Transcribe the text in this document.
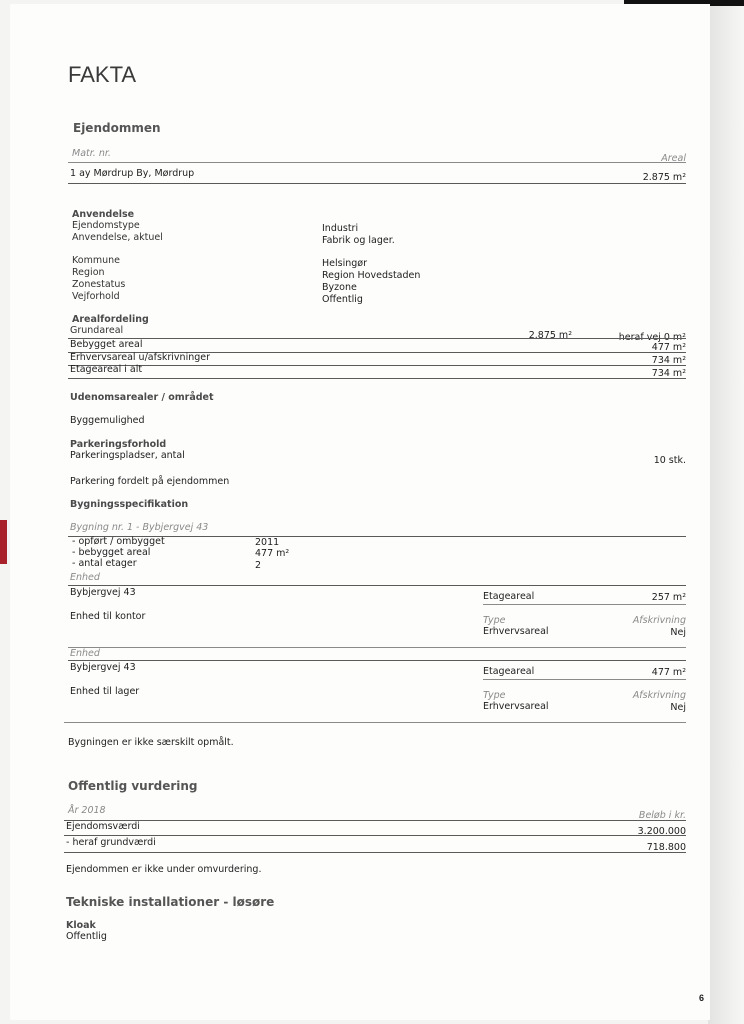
FAKTA
Ejendommen
Matr. nr.	Areal
1 ay Mørdrup By, Mørdrup	2.875 m²
Anvendelse
Ejendomstype	Industri
Anvendelse, aktuel	Fabrik og lager.
Kommune	Helsingør
Region	Region Hovedstaden
Zonestatus	Byzone
Vejforhold	Offentlig
Arealfordeling
Grundareal	2.875 m²	heraf vej 0 m²
Bebygget areal	477 m²
Erhvervsareal u/afskrivninger	734 m²
Etageareal i alt	734 m²
Udenomsarealer / området
Byggemulighed
Parkeringsforhold
Parkeringspladser, antal	10 stk.
Parkering fordelt på ejendommen
Bygningsspecifikation
Bygning nr. 1 - Bybjergvej 43
- opført / ombygget	2011
- bebygget areal	477 m²
- antal etager	2
Enhed
Bybjergvej 43	Etageareal	257 m²
Enhed til kontor	Type	Afskrivning
Erhvervsareal	Nej
Enhed
Bybjergvej 43	Etageareal	477 m²
Enhed til lager	Type	Afskrivning
Erhvervsareal	Nej
Bygningen er ikke særskilt opmålt.
Offentlig vurdering
År 2018	Beløb i kr.
Ejendomsværdi	3.200.000
- heraf grundværdi	718.800
Ejendommen er ikke under omvurdering.
Tekniske installationer - løsøre
Kloak
Offentlig
6
